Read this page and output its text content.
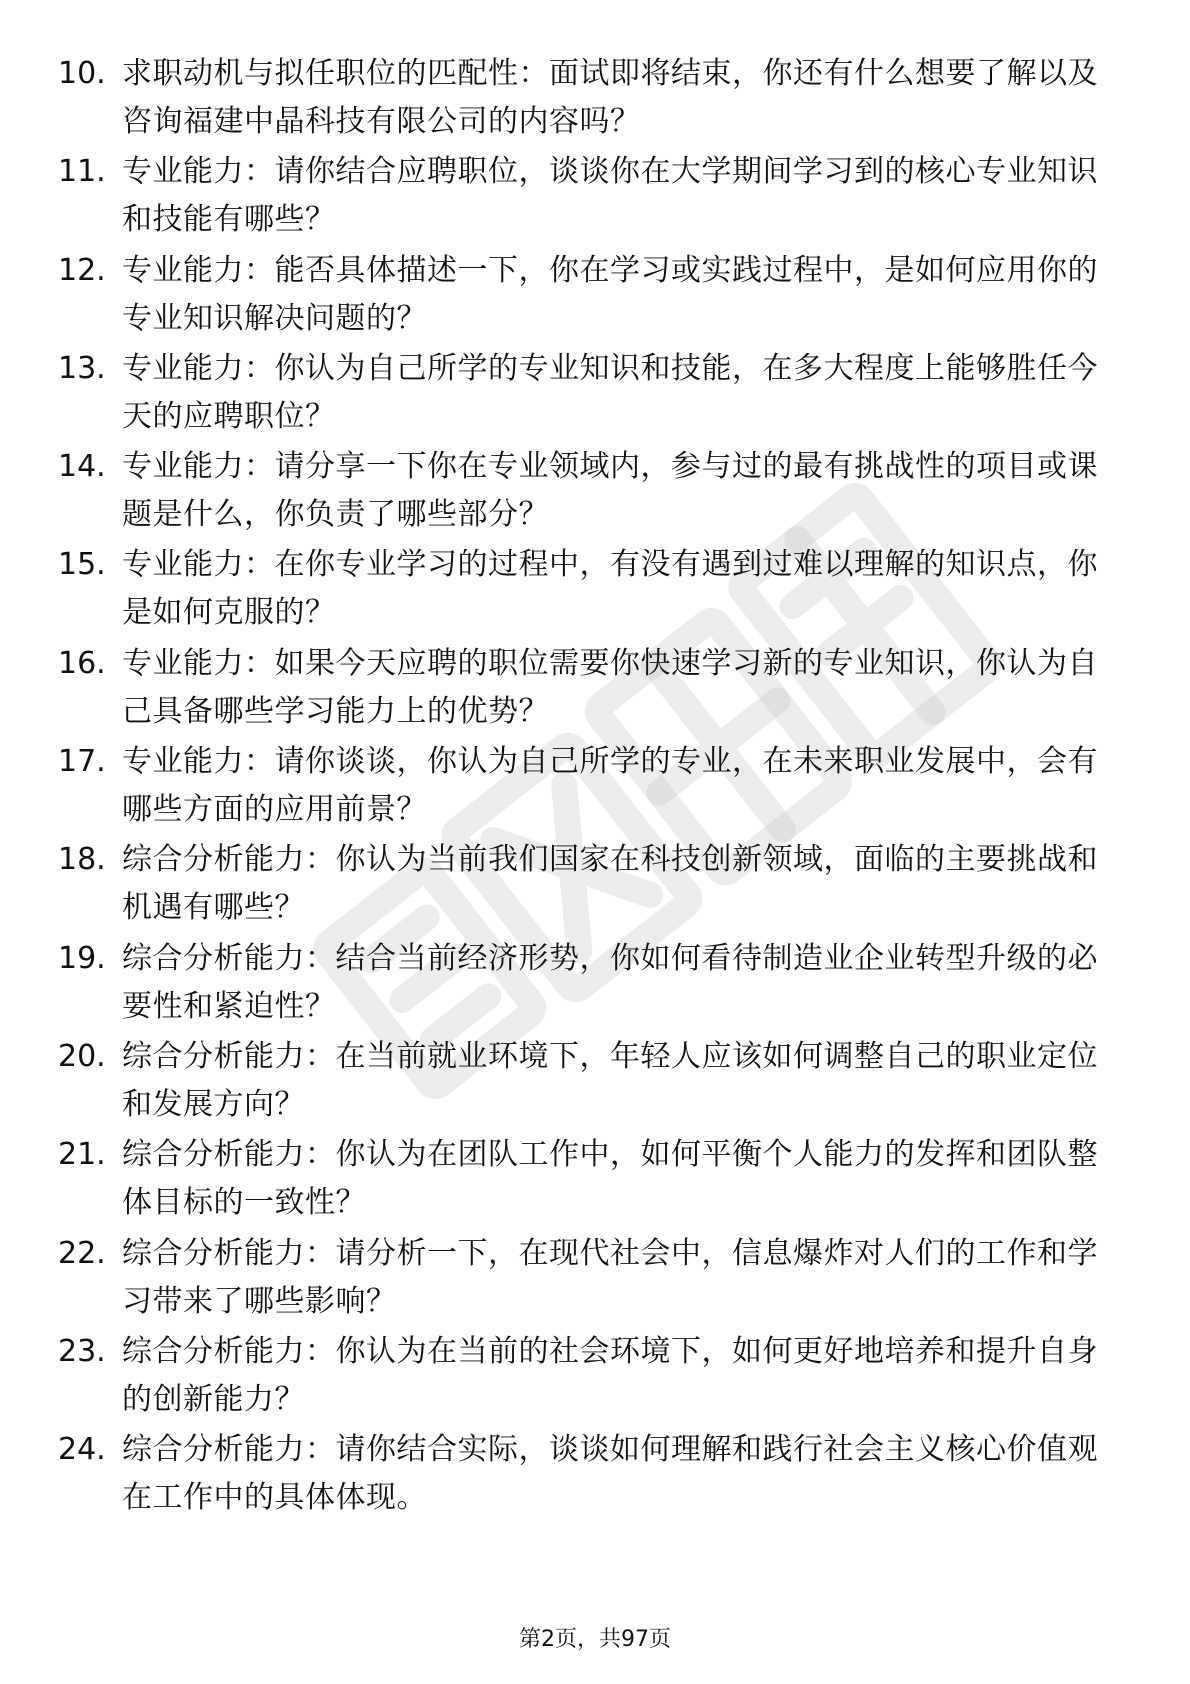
10. 求职动机与拟任职位的匹配性：面试即将结束，你还有什么想要了解以及咨询福建中晶科技有限公司的内容吗？
11. 专业能力：请你结合应聘职位，谈谈你在大学期间学习到的核心专业知识和技能有哪些？
12. 专业能力：能否具体描述一下，你在学习或实践过程中，是如何应用你的专业知识解决问题的？
13. 专业能力：你认为自己所学的专业知识和技能，在多大程度上能够胜任今天的应聘职位？
14. 专业能力：请分享一下你在专业领域内，参与过的最有挑战性的项目或课题是什么，你负责了哪些部分？
15. 专业能力：在你专业学习的过程中，有没有遇到过难以理解的知识点，你是如何克服的？
16. 专业能力：如果今天应聘的职位需要你快速学习新的专业知识，你认为自己具备哪些学习能力上的优势？
17. 专业能力：请你谈谈，你认为自己所学的专业，在未来职业发展中，会有哪些方面的应用前景？
18. 综合分析能力：你认为当前我们国家在科技创新领域，面临的主要挑战和机遇有哪些？
19. 综合分析能力：结合当前经济形势，你如何看待制造业企业转型升级的必要性和紧迫性？
20. 综合分析能力：在当前就业环境下，年轻人应该如何调整自己的职业定位和发展方向？
21. 综合分析能力：你认为在团队工作中，如何平衡个人能力的发挥和团队整体目标的一致性？
22. 综合分析能力：请分析一下，在现代社会中，信息爆炸对人们的工作和学习带来了哪些影响？
23. 综合分析能力：你认为在当前的社会环境下，如何更好地培养和提升自身的创新能力？
24. 综合分析能力：请你结合实际，谈谈如何理解和践行社会主义核心价值观在工作中的具体体现。
第2页，共97页
